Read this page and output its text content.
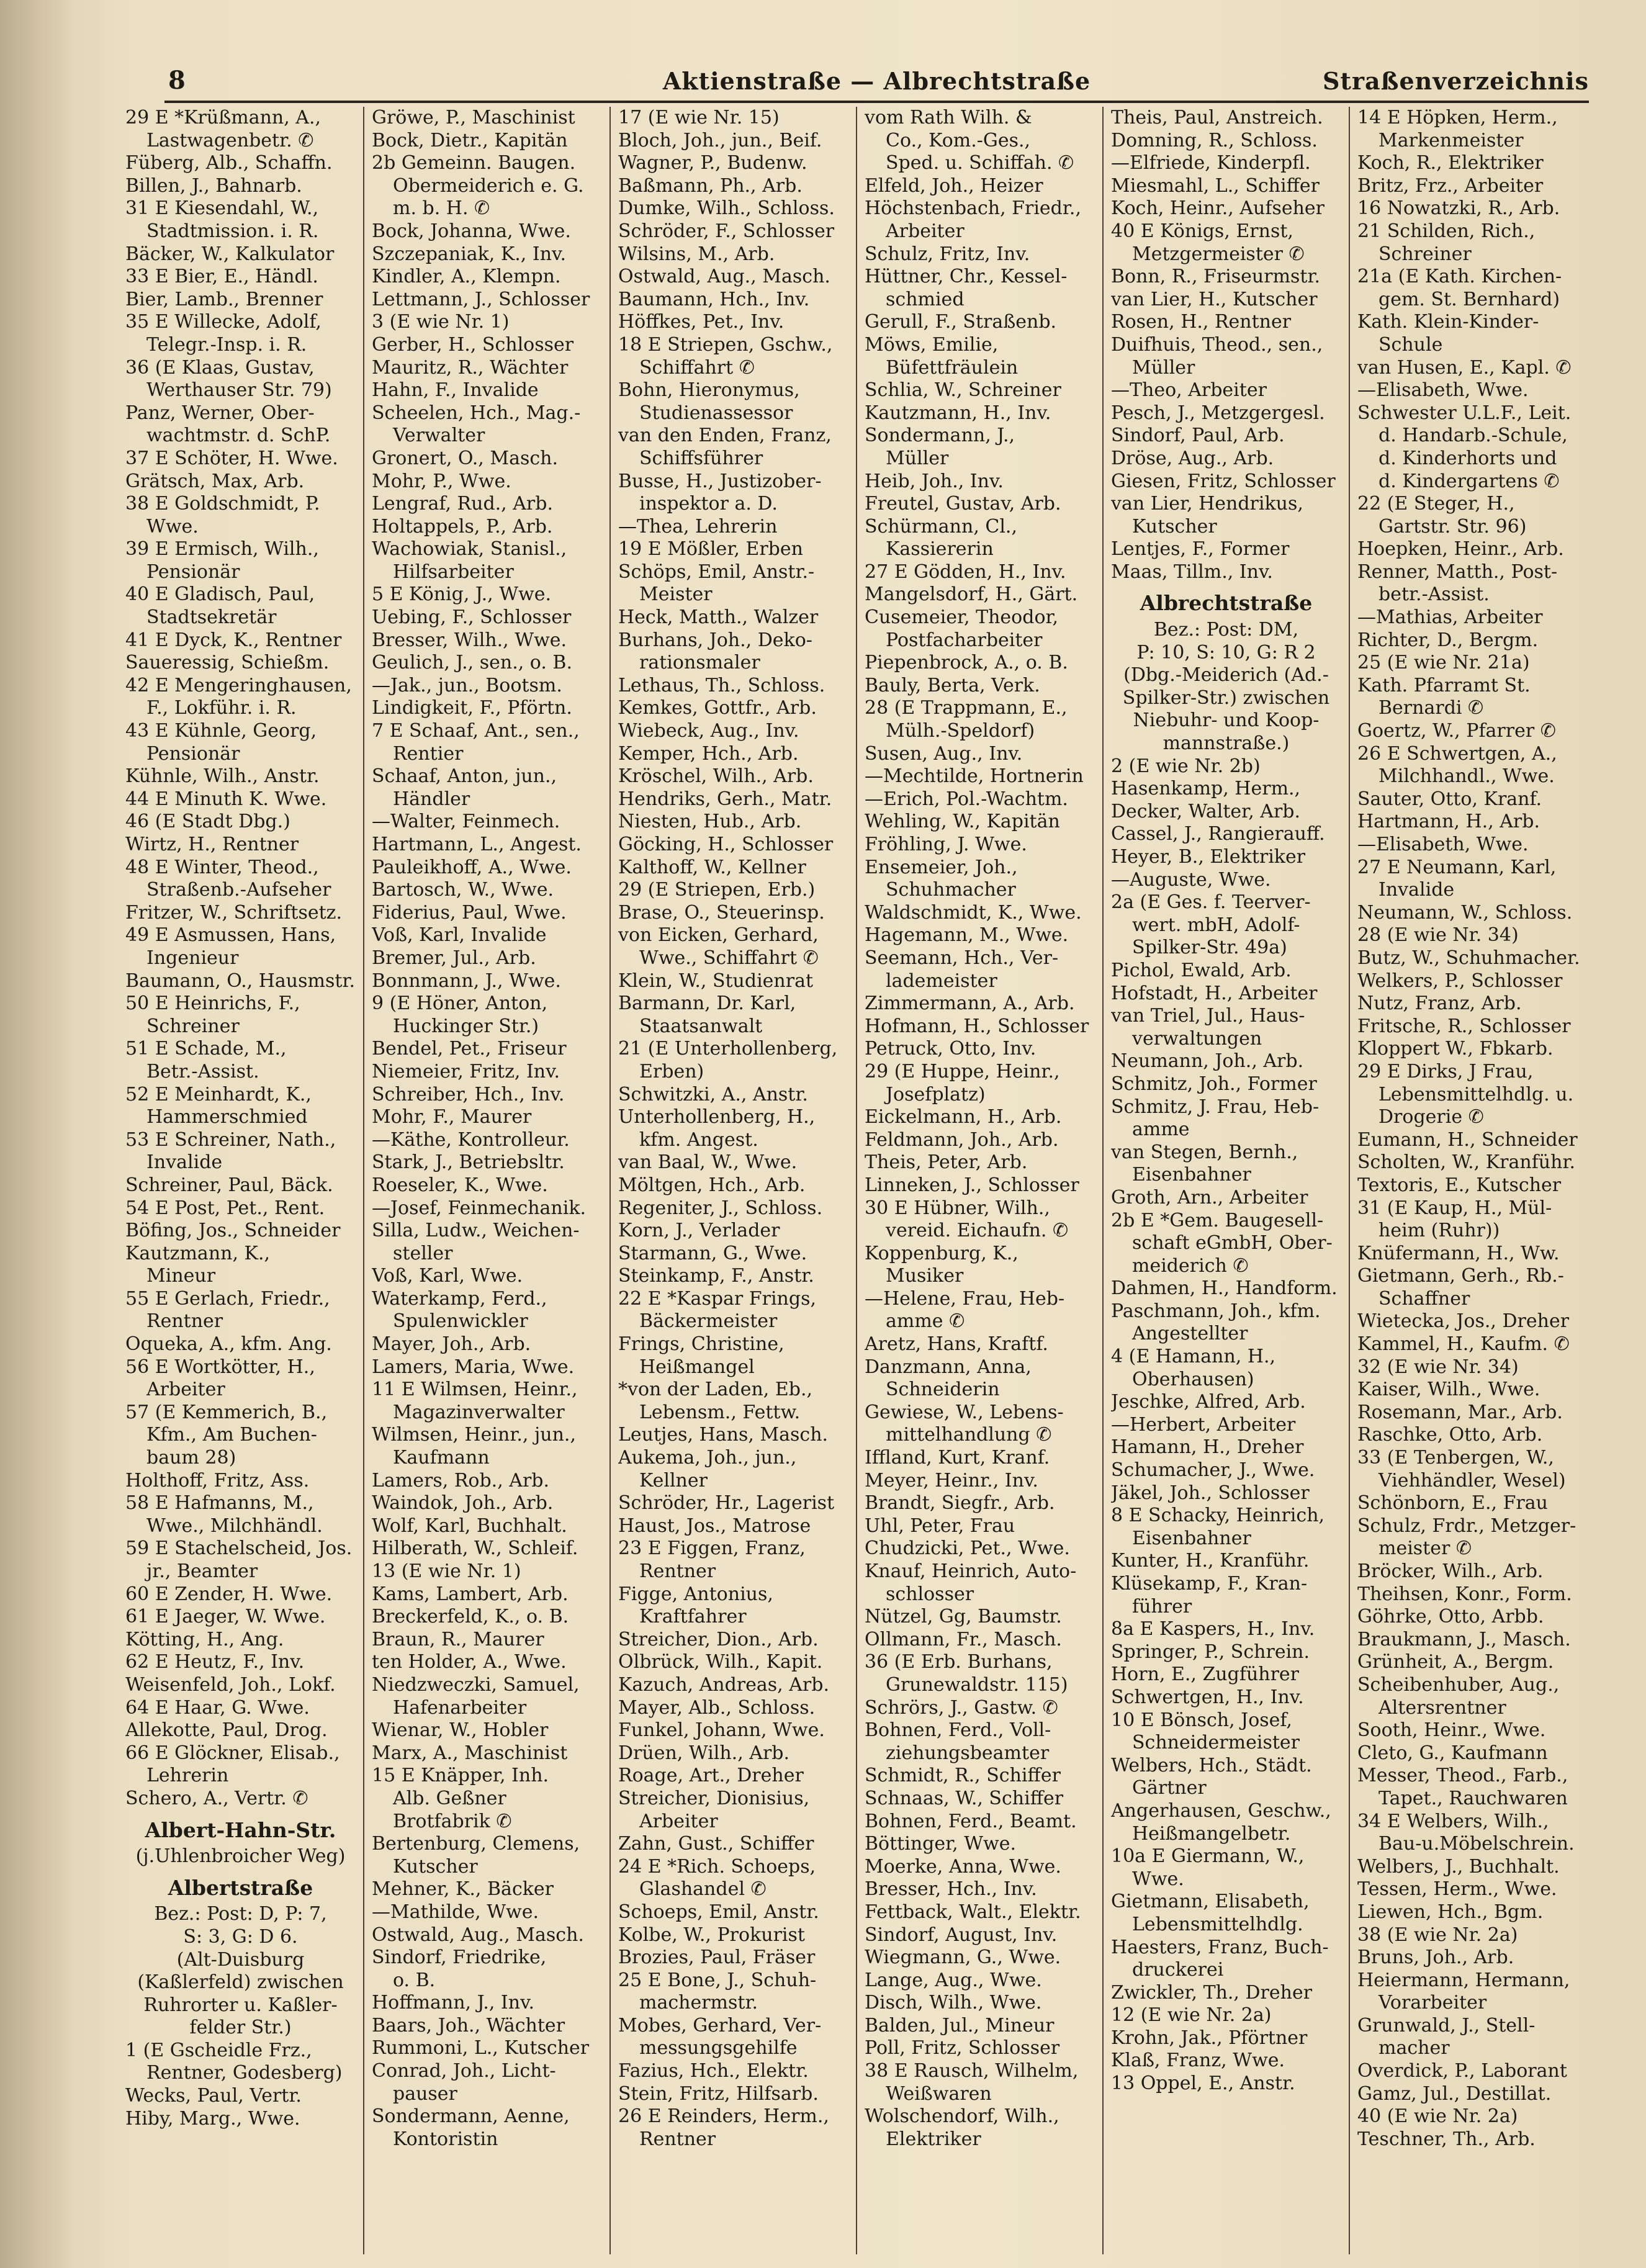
8	Aktienstraße — Albrechtstraße	Straßenverzeichnis
29 E *Krüßmann, A.,
Lastwagenbetr. ✆
Füberg, Alb., Schaffn.
Billen, J., Bahnarb.
31 E Kiesendahl, W.,
Stadtmission. i. R.
Bäcker, W., Kalkulator
33 E Bier, E., Händl.
Bier, Lamb., Brenner
35 E Willecke, Adolf,
Telegr.-Insp. i. R.
36 (E Klaas, Gustav,
Werthauser Str. 79)
Panz, Werner, Ober-
wachtmstr. d. SchP.
37 E Schöter, H. Wwe.
Grätsch, Max, Arb.
38 E Goldschmidt, P.
Wwe.
39 E Ermisch, Wilh.,
Pensionär
40 E Gladisch, Paul,
Stadtsekretär
41 E Dyck, K., Rentner
Saueressig, Schießm.
42 E Mengeringhausen,
F., Lokführ. i. R.
43 E Kühnle, Georg,
Pensionär
Kühnle, Wilh., Anstr.
44 E Minuth K. Wwe.
46 (E Stadt Dbg.)
Wirtz, H., Rentner
48 E Winter, Theod.,
Straßenb.-Aufseher
Fritzer, W., Schriftsetz.
49 E Asmussen, Hans,
Ingenieur
Baumann, O., Hausmstr.
50 E Heinrichs, F.,
Schreiner
51 E Schade, M.,
Betr.-Assist.
52 E Meinhardt, K.,
Hammerschmied
53 E Schreiner, Nath.,
Invalide
Schreiner, Paul, Bäck.
54 E Post, Pet., Rent.
Böfing, Jos., Schneider
Kautzmann, K.,
Mineur
55 E Gerlach, Friedr.,
Rentner
Oqueka, A., kfm. Ang.
56 E Wortkötter, H.,
Arbeiter
57 (E Kemmerich, B.,
Kfm., Am Buchen-
baum 28)
Holthoff, Fritz, Ass.
58 E Hafmanns, M.,
Wwe., Milchhändl.
59 E Stachelscheid, Jos.
jr., Beamter
60 E Zender, H. Wwe.
61 E Jaeger, W. Wwe.
Kötting, H., Ang.
62 E Heutz, F., Inv.
Weisenfeld, Joh., Lokf.
64 E Haar, G. Wwe.
Allekotte, Paul, Drog.
66 E Glöckner, Elisab.,
Lehrerin
Schero, A., Vertr. ✆
Albert-Hahn-Str.
(j.Uhlenbroicher Weg)
Albertstraße
Bez.: Post: D, P: 7,
S: 3, G: D 6.
(Alt-Duisburg
(Kaßlerfeld) zwischen
Ruhrorter u. Kaßler-
felder Str.)
1 (E Gscheidle Frz.,
Rentner, Godesberg)
Wecks, Paul, Vertr.
Hiby, Marg., Wwe.
Gröwe, P., Maschinist
Bock, Dietr., Kapitän
2b Gemeinn. Baugen.
Obermeiderich e. G.
m. b. H. ✆
Bock, Johanna, Wwe.
Szczepaniak, K., Inv.
Kindler, A., Klempn.
Lettmann, J., Schlosser
3 (E wie Nr. 1)
Gerber, H., Schlosser
Mauritz, R., Wächter
Hahn, F., Invalide
Scheelen, Hch., Mag.-
Verwalter
Gronert, O., Masch.
Mohr, P., Wwe.
Lengraf, Rud., Arb.
Holtappels, P., Arb.
Wachowiak, Stanisl.,
Hilfsarbeiter
5 E König, J., Wwe.
Uebing, F., Schlosser
Bresser, Wilh., Wwe.
Geulich, J., sen., o. B.
—Jak., jun., Bootsm.
Lindigkeit, F., Pförtn.
7 E Schaaf, Ant., sen.,
Rentier
Schaaf, Anton, jun.,
Händler
—Walter, Feinmech.
Hartmann, L., Angest.
Pauleikhoff, A., Wwe.
Bartosch, W., Wwe.
Fiderius, Paul, Wwe.
Voß, Karl, Invalide
Bremer, Jul., Arb.
Bonnmann, J., Wwe.
9 (E Höner, Anton,
Huckinger Str.)
Bendel, Pet., Friseur
Niemeier, Fritz, Inv.
Schreiber, Hch., Inv.
Mohr, F., Maurer
—Käthe, Kontrolleur.
Stark, J., Betriebsltr.
Roeseler, K., Wwe.
—Josef, Feinmechanik.
Silla, Ludw., Weichen-
steller
Voß, Karl, Wwe.
Waterkamp, Ferd.,
Spulenwickler
Mayer, Joh., Arb.
Lamers, Maria, Wwe.
11 E Wilmsen, Heinr.,
Magazinverwalter
Wilmsen, Heinr., jun.,
Kaufmann
Lamers, Rob., Arb.
Waindok, Joh., Arb.
Wolf, Karl, Buchhalt.
Hilberath, W., Schleif.
13 (E wie Nr. 1)
Kams, Lambert, Arb.
Breckerfeld, K., o. B.
Braun, R., Maurer
ten Holder, A., Wwe.
Niedzweczki, Samuel,
Hafenarbeiter
Wienar, W., Hobler
Marx, A., Maschinist
15 E Knäpper, Inh.
Alb. Geßner
Brotfabrik ✆
Bertenburg, Clemens,
Kutscher
Mehner, K., Bäcker
—Mathilde, Wwe.
Ostwald, Aug., Masch.
Sindorf, Friedrike,
o. B.
Hoffmann, J., Inv.
Baars, Joh., Wächter
Rummoni, L., Kutscher
Conrad, Joh., Licht-
pauser
Sondermann, Aenne,
Kontoristin
17 (E wie Nr. 15)
Bloch, Joh., jun., Beif.
Wagner, P., Budenw.
Baßmann, Ph., Arb.
Dumke, Wilh., Schloss.
Schröder, F., Schlosser
Wilsins, M., Arb.
Ostwald, Aug., Masch.
Baumann, Hch., Inv.
Höffkes, Pet., Inv.
18 E Striepen, Gschw.,
Schiffahrt ✆
Bohn, Hieronymus,
Studienassessor
van den Enden, Franz,
Schiffsführer
Busse, H., Justizober-
inspektor a. D.
—Thea, Lehrerin
19 E Mößler, Erben
Schöps, Emil, Anstr.-
Meister
Heck, Matth., Walzer
Burhans, Joh., Deko-
rationsmaler
Lethaus, Th., Schloss.
Kemkes, Gottfr., Arb.
Wiebeck, Aug., Inv.
Kemper, Hch., Arb.
Kröschel, Wilh., Arb.
Hendriks, Gerh., Matr.
Niesten, Hub., Arb.
Göcking, H., Schlosser
Kalthoff, W., Kellner
29 (E Striepen, Erb.)
Brase, O., Steuerinsp.
von Eicken, Gerhard,
Wwe., Schiffahrt ✆
Klein, W., Studienrat
Barmann, Dr. Karl,
Staatsanwalt
21 (E Unterhollenberg,
Erben)
Schwitzki, A., Anstr.
Unterhollenberg, H.,
kfm. Angest.
van Baal, W., Wwe.
Möltgen, Hch., Arb.
Regeniter, J., Schloss.
Korn, J., Verlader
Starmann, G., Wwe.
Steinkamp, F., Anstr.
22 E *Kaspar Frings,
Bäckermeister
Frings, Christine,
Heißmangel
*von der Laden, Eb.,
Lebensm., Fettw.
Leutjes, Hans, Masch.
Aukema, Joh., jun.,
Kellner
Schröder, Hr., Lagerist
Haust, Jos., Matrose
23 E Figgen, Franz,
Rentner
Figge, Antonius,
Kraftfahrer
Streicher, Dion., Arb.
Olbrück, Wilh., Kapit.
Kazuch, Andreas, Arb.
Mayer, Alb., Schloss.
Funkel, Johann, Wwe.
Drüen, Wilh., Arb.
Roage, Art., Dreher
Streicher, Dionisius,
Arbeiter
Zahn, Gust., Schiffer
24 E *Rich. Schoeps,
Glashandel ✆
Schoeps, Emil, Anstr.
Kolbe, W., Prokurist
Brozies, Paul, Fräser
25 E Bone, J., Schuh-
machermstr.
Mobes, Gerhard, Ver-
messungsgehilfe
Fazius, Hch., Elektr.
Stein, Fritz, Hilfsarb.
26 E Reinders, Herm.,
Rentner
vom Rath Wilh. &
Co., Kom.-Ges.,
Sped. u. Schiffah. ✆
Elfeld, Joh., Heizer
Höchstenbach, Friedr.,
Arbeiter
Schulz, Fritz, Inv.
Hüttner, Chr., Kessel-
schmied
Gerull, F., Straßenb.
Möws, Emilie,
Büfettfräulein
Schlia, W., Schreiner
Kautzmann, H., Inv.
Sondermann, J.,
Müller
Heib, Joh., Inv.
Freutel, Gustav, Arb.
Schürmann, Cl.,
Kassiererin
27 E Gödden, H., Inv.
Mangelsdorf, H., Gärt.
Cusemeier, Theodor,
Postfacharbeiter
Piepenbrock, A., o. B.
Bauly, Berta, Verk.
28 (E Trappmann, E.,
Mülh.-Speldorf)
Susen, Aug., Inv.
—Mechtilde, Hortnerin
—Erich, Pol.-Wachtm.
Wehling, W., Kapitän
Fröhling, J. Wwe.
Ensemeier, Joh.,
Schuhmacher
Waldschmidt, K., Wwe.
Hagemann, M., Wwe.
Seemann, Hch., Ver-
lademeister
Zimmermann, A., Arb.
Hofmann, H., Schlosser
Petruck, Otto, Inv.
29 (E Huppe, Heinr.,
Josefplatz)
Eickelmann, H., Arb.
Feldmann, Joh., Arb.
Theis, Peter, Arb.
Linneken, J., Schlosser
30 E Hübner, Wilh.,
vereid. Eichaufn. ✆
Koppenburg, K.,
Musiker
—Helene, Frau, Heb-
amme ✆
Aretz, Hans, Kraftf.
Danzmann, Anna,
Schneiderin
Gewiese, W., Lebens-
mittelhandlung ✆
Iffland, Kurt, Kranf.
Meyer, Heinr., Inv.
Brandt, Siegfr., Arb.
Uhl, Peter, Frau
Chudzicki, Pet., Wwe.
Knauf, Heinrich, Auto-
schlosser
Nützel, Gg, Baumstr.
Ollmann, Fr., Masch.
36 (E Erb. Burhans,
Grunewaldstr. 115)
Schrörs, J., Gastw. ✆
Bohnen, Ferd., Voll-
ziehungsbeamter
Schmidt, R., Schiffer
Schnaas, W., Schiffer
Bohnen, Ferd., Beamt.
Böttinger, Wwe.
Moerke, Anna, Wwe.
Bresser, Hch., Inv.
Fettback, Walt., Elektr.
Sindorf, August, Inv.
Wiegmann, G., Wwe.
Lange, Aug., Wwe.
Disch, Wilh., Wwe.
Balden, Jul., Mineur
Poll, Fritz, Schlosser
38 E Rausch, Wilhelm,
Weißwaren
Wolschendorf, Wilh.,
Elektriker
Theis, Paul, Anstreich.
Domning, R., Schloss.
—Elfriede, Kinderpfl.
Miesmahl, L., Schiffer
Koch, Heinr., Aufseher
40 E Königs, Ernst,
Metzgermeister ✆
Bonn, R., Friseurmstr.
van Lier, H., Kutscher
Rosen, H., Rentner
Duifhuis, Theod., sen.,
Müller
—Theo, Arbeiter
Pesch, J., Metzgergesl.
Sindorf, Paul, Arb.
Dröse, Aug., Arb.
Giesen, Fritz, Schlosser
van Lier, Hendrikus,
Kutscher
Lentjes, F., Former
Maas, Tillm., Inv.
Albrechtstraße
Bez.: Post: DM,
P: 10, S: 10, G: R 2
(Dbg.-Meiderich (Ad.-
Spilker-Str.) zwischen
Niebuhr- und Koop-
mannstraße.)
2 (E wie Nr. 2b)
Hasenkamp, Herm.,
Decker, Walter, Arb.
Cassel, J., Rangierauff.
Heyer, B., Elektriker
—Auguste, Wwe.
2a (E Ges. f. Teerver-
wert. mbH, Adolf-
Spilker-Str. 49a)
Pichol, Ewald, Arb.
Hofstadt, H., Arbeiter
van Triel, Jul., Haus-
verwaltungen
Neumann, Joh., Arb.
Schmitz, Joh., Former
Schmitz, J. Frau, Heb-
amme
van Stegen, Bernh.,
Eisenbahner
Groth, Arn., Arbeiter
2b E *Gem. Baugesell-
schaft eGmbH, Ober-
meiderich ✆
Dahmen, H., Handform.
Paschmann, Joh., kfm.
Angestellter
4 (E Hamann, H.,
Oberhausen)
Jeschke, Alfred, Arb.
—Herbert, Arbeiter
Hamann, H., Dreher
Schumacher, J., Wwe.
Jäkel, Joh., Schlosser
8 E Schacky, Heinrich,
Eisenbahner
Kunter, H., Kranführ.
Klüsekamp, F., Kran-
führer
8a E Kaspers, H., Inv.
Springer, P., Schrein.
Horn, E., Zugführer
Schwertgen, H., Inv.
10 E Bönsch, Josef,
Schneidermeister
Welbers, Hch., Städt.
Gärtner
Angerhausen, Geschw.,
Heißmangelbetr.
10a E Giermann, W.,
Wwe.
Gietmann, Elisabeth,
Lebensmittelhdlg.
Haesters, Franz, Buch-
druckerei
Zwickler, Th., Dreher
12 (E wie Nr. 2a)
Krohn, Jak., Pförtner
Klaß, Franz, Wwe.
13 Oppel, E., Anstr.
14 E Höpken, Herm.,
Markenmeister
Koch, R., Elektriker
Britz, Frz., Arbeiter
16 Nowatzki, R., Arb.
21 Schilden, Rich.,
Schreiner
21a (E Kath. Kirchen-
gem. St. Bernhard)
Kath. Klein-Kinder-
Schule
van Husen, E., Kapl. ✆
—Elisabeth, Wwe.
Schwester U.L.F., Leit.
d. Handarb.-Schule,
d. Kinderhorts und
d. Kindergartens ✆
22 (E Steger, H.,
Gartstr. Str. 96)
Hoepken, Heinr., Arb.
Renner, Matth., Post-
betr.-Assist.
—Mathias, Arbeiter
Richter, D., Bergm.
25 (E wie Nr. 21a)
Kath. Pfarramt St.
Bernardi ✆
Goertz, W., Pfarrer ✆
26 E Schwertgen, A.,
Milchhandl., Wwe.
Sauter, Otto, Kranf.
Hartmann, H., Arb.
—Elisabeth, Wwe.
27 E Neumann, Karl,
Invalide
Neumann, W., Schloss.
28 (E wie Nr. 34)
Butz, W., Schuhmacher.
Welkers, P., Schlosser
Nutz, Franz, Arb.
Fritsche, R., Schlosser
Kloppert W., Fbkarb.
29 E Dirks, J Frau,
Lebensmittelhdlg. u.
Drogerie ✆
Eumann, H., Schneider
Scholten, W., Kranführ.
Textoris, E., Kutscher
31 (E Kaup, H., Mül-
heim (Ruhr))
Knüfermann, H., Ww.
Gietmann, Gerh., Rb.-
Schaffner
Wietecka, Jos., Dreher
Kammel, H., Kaufm. ✆
32 (E wie Nr. 34)
Kaiser, Wilh., Wwe.
Rosemann, Mar., Arb.
Raschke, Otto, Arb.
33 (E Tenbergen, W.,
Viehhändler, Wesel)
Schönborn, E., Frau
Schulz, Frdr., Metzger-
meister ✆
Bröcker, Wilh., Arb.
Theihsen, Konr., Form.
Göhrke, Otto, Arbb.
Braukmann, J., Masch.
Grünheit, A., Bergm.
Scheibenhuber, Aug.,
Altersrentner
Sooth, Heinr., Wwe.
Cleto, G., Kaufmann
Messer, Theod., Farb.,
Tapet., Rauchwaren
34 E Welbers, Wilh.,
Bau-u.Möbelschrein.
Welbers, J., Buchhalt.
Tessen, Herm., Wwe.
Liewen, Hch., Bgm.
38 (E wie Nr. 2a)
Bruns, Joh., Arb.
Heiermann, Hermann,
Vorarbeiter
Grunwald, J., Stell-
macher
Overdick, P., Laborant
Gamz, Jul., Destillat.
40 (E wie Nr. 2a)
Teschner, Th., Arb.
